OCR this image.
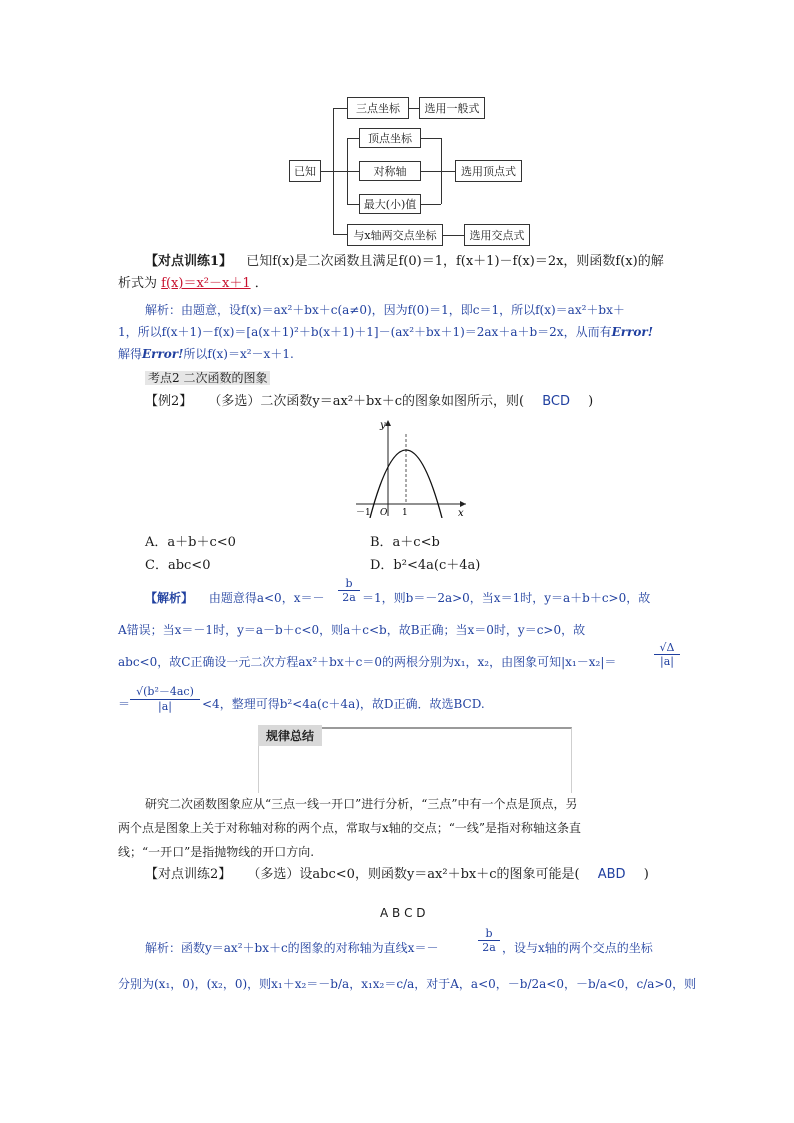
已知
三点坐标 选用一般式
顶点坐标
对称轴
最大(小)值
选用顶点式
与x轴两交点坐标	选用交点式
【对点训练1】 已知f(x)是二次函数且满足f(0)＝1，f(x＋1)－f(x)＝2x，则函数f(x)的解
析式为 f(x)＝x²－x＋1 ．
解析：由题意，设f(x)＝ax²＋bx＋c(a≠0)，因为f(0)＝1，即c＝1，所以f(x)＝ax²＋bx＋
1，所以f(x＋1)－f(x)＝[a(x＋1)²＋b(x＋1)＋1]－(ax²＋bx＋1)＝2ax＋a＋b＝2x，从而有Error!
解得Error!所以f(x)＝x²－x＋1.
考点2 二次函数的图象
【例2】 （多选）二次函数y＝ax²＋bx＋c的图象如图所示，则( BCD )
y
x
O
－1	1
A．a＋b＋c<0	B．a＋c<b
C．abc<0	D．b²<4a(c＋4a)
【解析】 由题意得a<0，$x=- \frac{b}{2a} =1$，则b＝－2a>0，当x＝1时，y＝a＋b＋c>0，故
A错误；当x＝－1时，y＝a－b＋c<0，则a＋c<b，故B正确；当x＝0时，y＝c>0，故
abc<0，故C正确设一元二次方程ax²＋bx＋c＝0的两根分别为x₁，x₂，由图象可知|x₁－x₂|＝	$\frac{√\Delta}{|a|}$
＝ $\frac{\text{√(b²－4ac)}}{|a|} <4$，整理可得b²<4a(c＋4a)，故D正确．故选BCD.
规律总结
研究二次函数图象应从“三点一线一开口”进行分析，“三点”中有一个点是顶点，另
两个点是图象上关于对称轴对称的两个点，常取与x轴的交点；“一线”是指对称轴这条直
线；“一开口”是指抛物线的开口方向.
【对点训练2】 （多选）设abc<0，则函数y＝ax²＋bx＋c的图象可能是( ABD )
A B C D
解析：函数y＝ax²＋bx＋c的图象的对称轴为直线x＝－	$\frac{b}{2a}$ ，设与x轴的两个交点的坐标
分别为(x₁，0)，(x₂，0)，则x₁＋x₂＝－b/a，x₁x₂＝c/a，对于A，a<0，－b/2a<0，－b/a<0，c/a>0，则
